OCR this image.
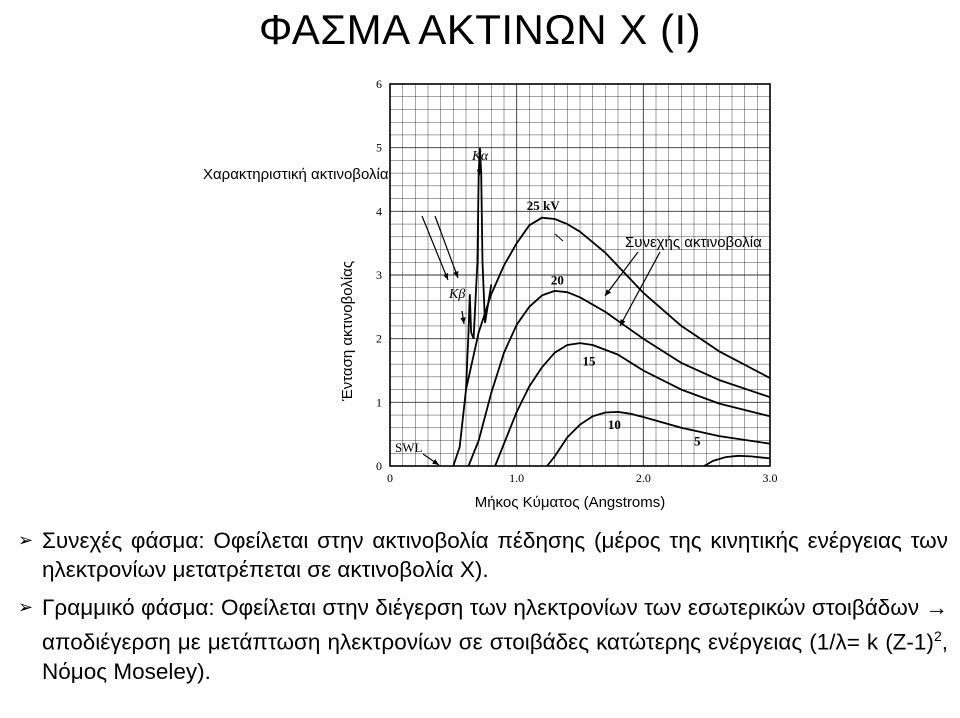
ΦΑΣΜΑ ΑΚΤΙΝΩΝ Χ (Ι)
0	1.0	2.0	3.0
0
1
2
3
4
5
6
25 kV
20
15
10
5
Χαρακτηριστική ακτινοβολία
Συνεχής ακτινοβολία
SWL
Κα
Κβ
Μήκος Κύματος (Angstroms)
Ένταση ακτινοβολίας
➢ Συνεχές φάσμα: Οφείλεται στην ακτινοβολία πέδησης (μέρος της κινητικής ενέργειας των ηλεκτρονίων μετατρέπεται σε ακτινοβολία Χ).
➢ Γραμμικό φάσμα: Οφείλεται στην διέγερση των ηλεκτρονίων των εσωτερικών στοιβάδων → αποδιέγερση με μετάπτωση ηλεκτρονίων σε στοιβάδες κατώτερης ενέργειας (1/λ= k $(Z-1)^2$, Νόμος Moseley).
